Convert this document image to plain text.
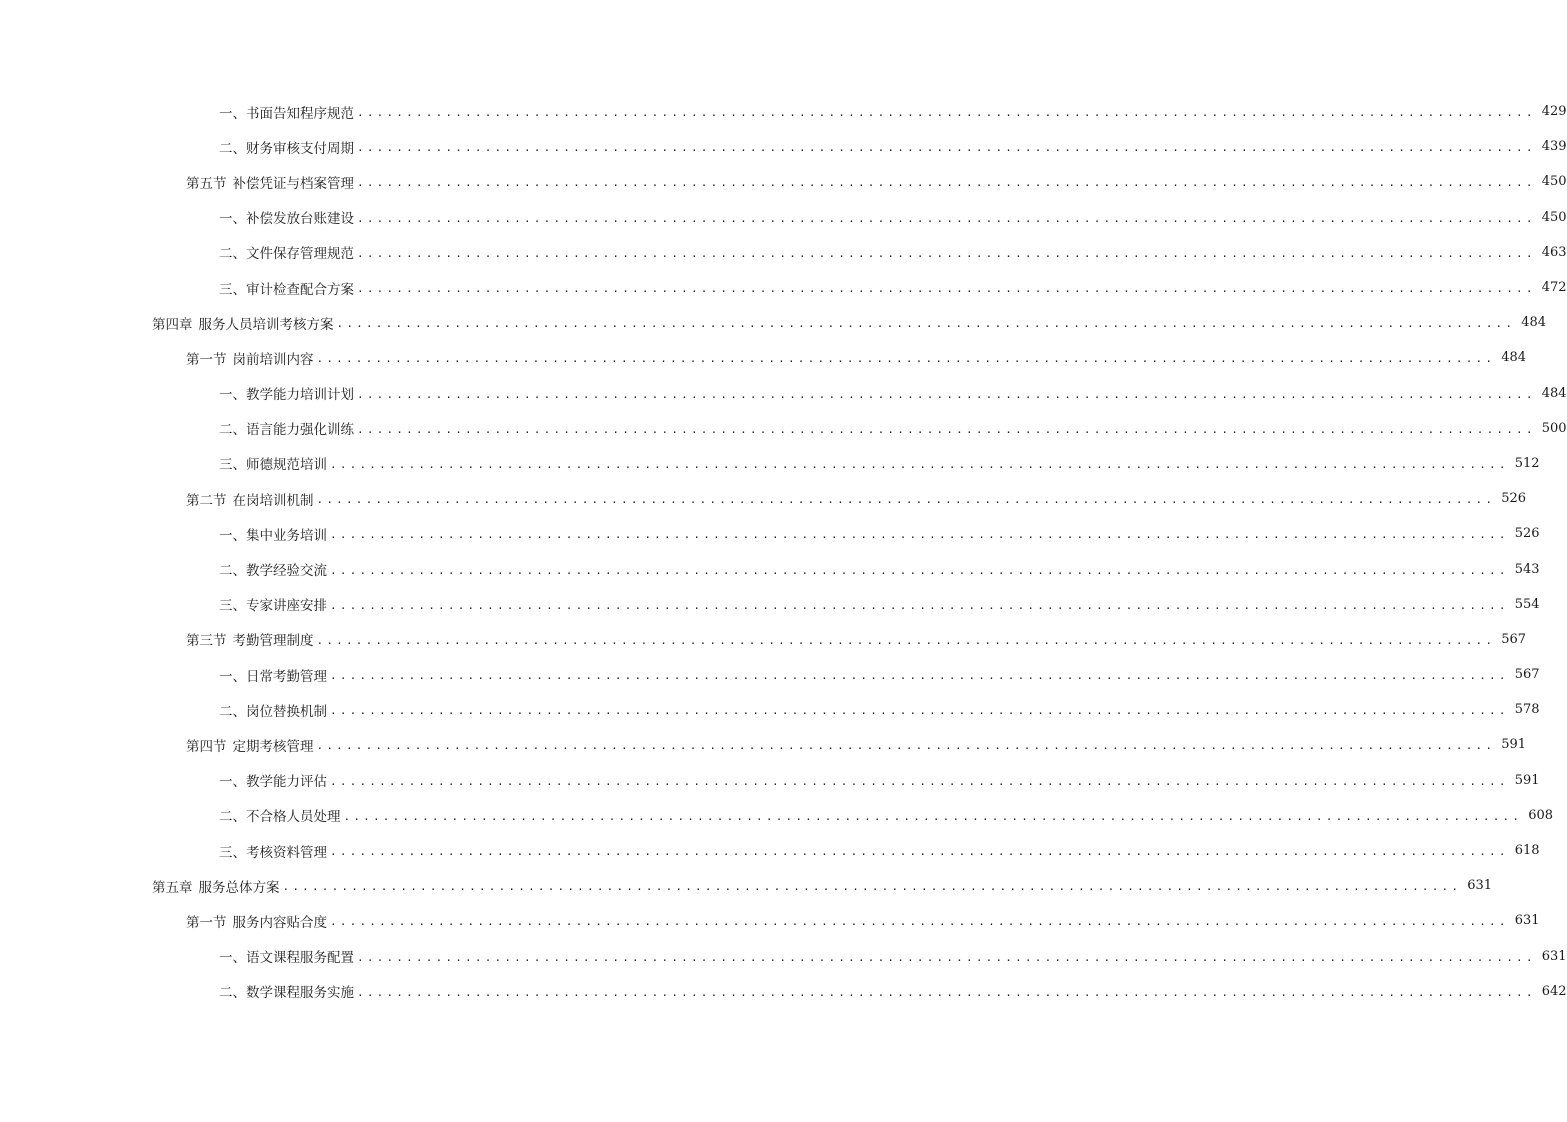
一、 书面告知程序规范 ........................................................................................................................ 429
二、 财务审核支付周期 ........................................................................................................................ 439
第五节 补偿凭证与档案管理 ........................................................................................................................ 450
一、 补偿发放台账建设 ........................................................................................................................ 450
二、 文件保存管理规范 ........................................................................................................................ 463
三、 审计检查配合方案 ........................................................................................................................ 472
第四章 服务人员培训考核方案 ........................................................................................................................ 484
第一节 岗前培训内容 ........................................................................................................................ 484
一、 教学能力培训计划 ........................................................................................................................ 484
二、 语言能力强化训练 ........................................................................................................................ 500
三、 师德规范培训 ........................................................................................................................ 512
第二节 在岗培训机制 ........................................................................................................................ 526
一、 集中业务培训 ........................................................................................................................ 526
二、 教学经验交流 ........................................................................................................................ 543
三、 专家讲座安排 ........................................................................................................................ 554
第三节 考勤管理制度 ........................................................................................................................ 567
一、 日常考勤管理 ........................................................................................................................ 567
二、 岗位替换机制 ........................................................................................................................ 578
第四节 定期考核管理 ........................................................................................................................ 591
一、 教学能力评估 ........................................................................................................................ 591
二、 不合格人员处理 ........................................................................................................................ 608
三、 考核资料管理 ........................................................................................................................ 618
第五章 服务总体方案 ........................................................................................................................ 631
第一节 服务内容贴合度 ........................................................................................................................ 631
一、 语文课程服务配置 ........................................................................................................................ 631
二、 数学课程服务实施 ........................................................................................................................ 642
